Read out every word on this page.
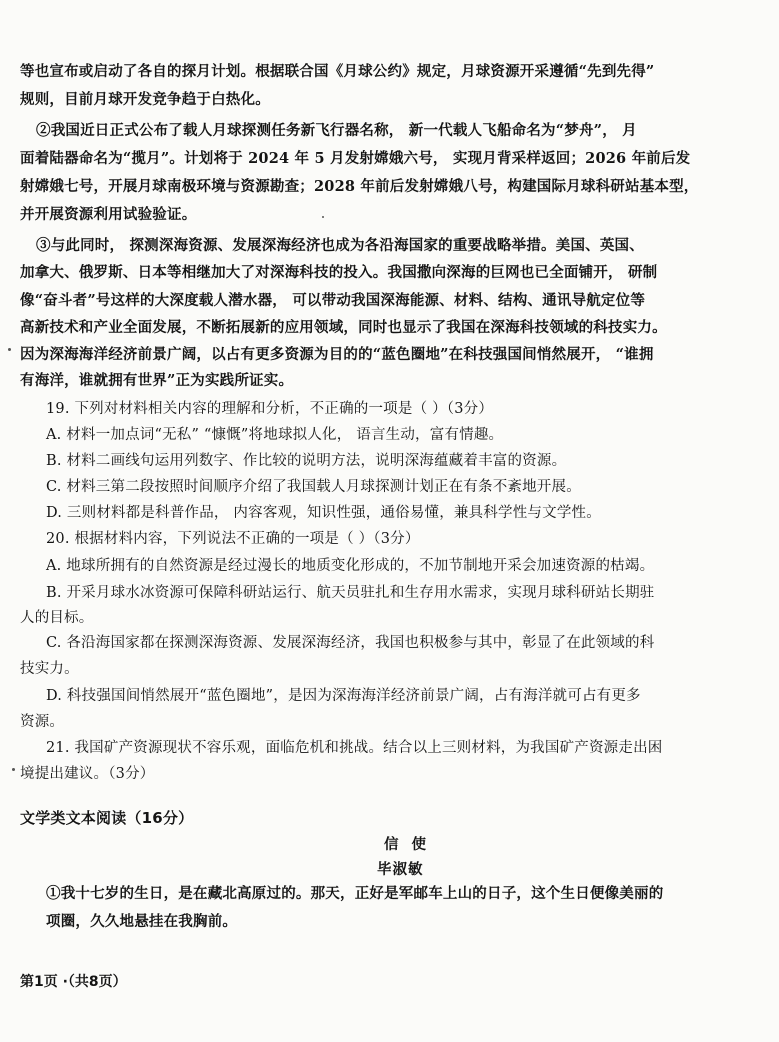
等也宣布或启动了各自的探月计划。根据联合国《月球公约》规定，月球资源开采遵循“先到先得”
规则，目前月球开发竞争趋于白热化。
②我国近日正式公布了载人月球探测任务新飞行器名称， 新一代载人飞船命名为“梦舟”， 月
面着陆器命名为“揽月”。计划将于 2024 年 5 月发射嫦娥六号， 实现月背采样返回；2026 年前后发
射嫦娥七号，开展月球南极环境与资源勘查；2028 年前后发射嫦娥八号，构建国际月球科研站基本型，
并开展资源利用试验验证。
③与此同时， 探测深海资源、发展深海经济也成为各沿海国家的重要战略举措。美国、英国、
加拿大、俄罗斯、日本等相继加大了对深海科技的投入。我国撒向深海的巨网也已全面铺开， 研制
像“奋斗者”号这样的大深度载人潜水器， 可以带动我国深海能源、材料、结构、通讯导航定位等
高新技术和产业全面发展，不断拓展新的应用领域，同时也显示了我国在深海科技领域的科技实力。
因为深海海洋经济前景广阔，以占有更多资源为目的的“蓝色圈地”在科技强国间悄然展开， “谁拥
有海洋，谁就拥有世界”正为实践所证实。
19. 下列对材料相关内容的理解和分析，不正确的一项是（ ）（3分）
A. 材料一加点词“无私” “慷慨”将地球拟人化， 语言生动，富有情趣。
B. 材料二画线句运用列数字、作比较的说明方法，说明深海蕴藏着丰富的资源。
C. 材料三第二段按照时间顺序介绍了我国载人月球探测计划正在有条不紊地开展。
D. 三则材料都是科普作品， 内容客观，知识性强，通俗易懂，兼具科学性与文学性。
20. 根据材料内容，下列说法不正确的一项是（ ）（3分）
A. 地球所拥有的自然资源是经过漫长的地质变化形成的，不加节制地开采会加速资源的枯竭。
B. 开采月球水冰资源可保障科研站运行、航天员驻扎和生存用水需求，实现月球科研站长期驻
人的目标。
C. 各沿海国家都在探测深海资源、发展深海经济，我国也积极参与其中，彰显了在此领域的科
技实力。
D. 科技强国间悄然展开“蓝色圈地”，是因为深海海洋经济前景广阔，占有海洋就可占有更多
资源。
21. 我国矿产资源现状不容乐观，面临危机和挑战。结合以上三则材料，为我国矿产资源走出困
境提出建议。（3分）
文学类文本阅读（16分）
信 使
毕淑敏
①我十七岁的生日，是在藏北高原过的。那天，正好是军邮车上山的日子，这个生日便像美丽的
项圈，久久地悬挂在我胸前。
第1页 ·（共8页）
